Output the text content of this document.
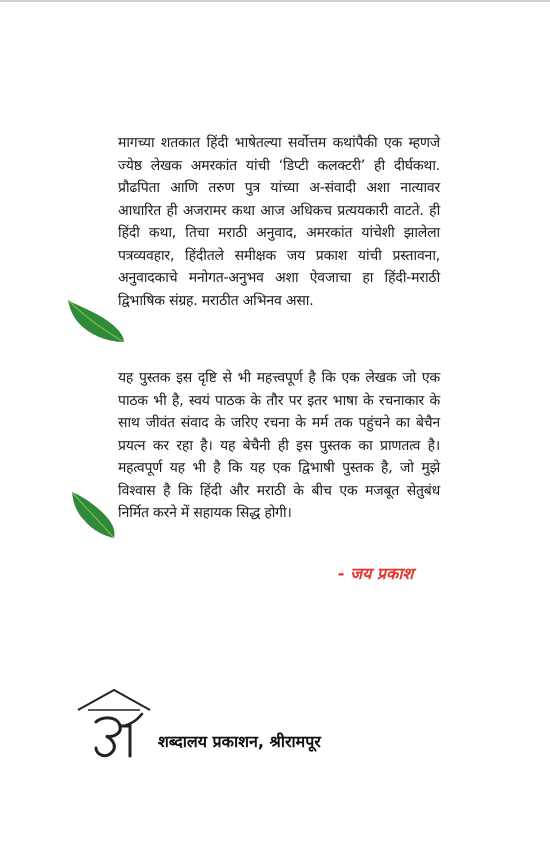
मागच्या शतकात हिंदी भाषेतल्या सर्वोत्तम कथांपैकी एक म्हणजे ज्येष्ठ लेखक अमरकांत यांची ‘डिप्टी कलक्टरी’ ही दीर्घकथा. प्रौढपिता आणि तरुण पुत्र यांच्या अ-संवादी अशा नात्यावर आधारित ही अजरामर कथा आज अधिकच प्रत्ययकारी वाटते. ही हिंदी कथा, तिचा मराठी अनुवाद, अमरकांत यांचेशी झालेला पत्रव्यवहार, हिंदीतले समीक्षक जय प्रकाश यांची प्रस्तावना, अनुवादकाचे मनोगत-अनुभव अशा ऐवजाचा हा हिंदी-मराठी द्विभाषिक संग्रह. मराठीत अभिनव असा.

यह पुस्तक इस दृष्टि से भी महत्त्वपूर्ण है कि एक लेखक जो एक पाठक भी है, स्वयं पाठक के तौर पर इतर भाषा के रचनाकार के साथ जीवंत संवाद के जरिए रचना के मर्म तक पहुंचने का बेचैन प्रयत्न कर रहा है। यह बेचैनी ही इस पुस्तक का प्राणतत्व है। महत्वपूर्ण यह भी है कि यह एक द्विभाषी पुस्तक है, जो मुझे विश्वास है कि हिंदी और मराठी के बीच एक मजबूत सेतुबंध निर्मित करने में सहायक सिद्ध होगी।

- जय प्रकाश
शब्दालय प्रकाशन, श्रीरामपूर
